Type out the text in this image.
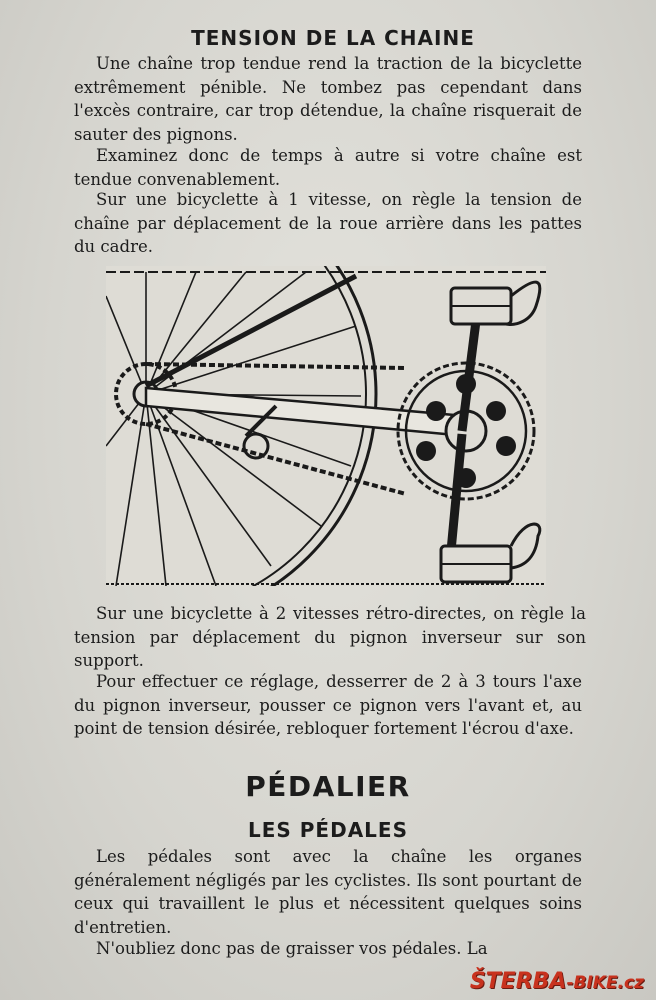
TENSION DE LA CHAINE

Une chaîne trop tendue rend la traction de la bicyclette extrêmement pénible. Ne tombez pas cependant dans l'excès contraire, car trop détendue, la chaîne risquerait de sauter des pignons.

Examinez donc de temps à autre si votre chaîne est tendue convenablement.

Sur une bicyclette à 1 vitesse, on règle la tension de chaîne par déplacement de la roue arrière dans les pattes du cadre.

Sur une bicyclette à 2 vitesses rétro-directes, on règle la tension par déplacement du pignon inverseur sur son support.

Pour effectuer ce réglage, desserrer de 2 à 3 tours l'axe du pignon inverseur, pousser ce pignon vers l'avant et, au point de tension désirée, rebloquer fortement l'écrou d'axe.

PÉDALIER
LES PÉDALES

Les pédales sont avec la chaîne les organes généralement négligés par les cyclistes. Ils sont pourtant de ceux qui travaillent le plus et nécessitent quelques soins d'entretien.

N'oubliez donc pas de graisser vos pédales. La

ŠTERBA-BIKE.cz
